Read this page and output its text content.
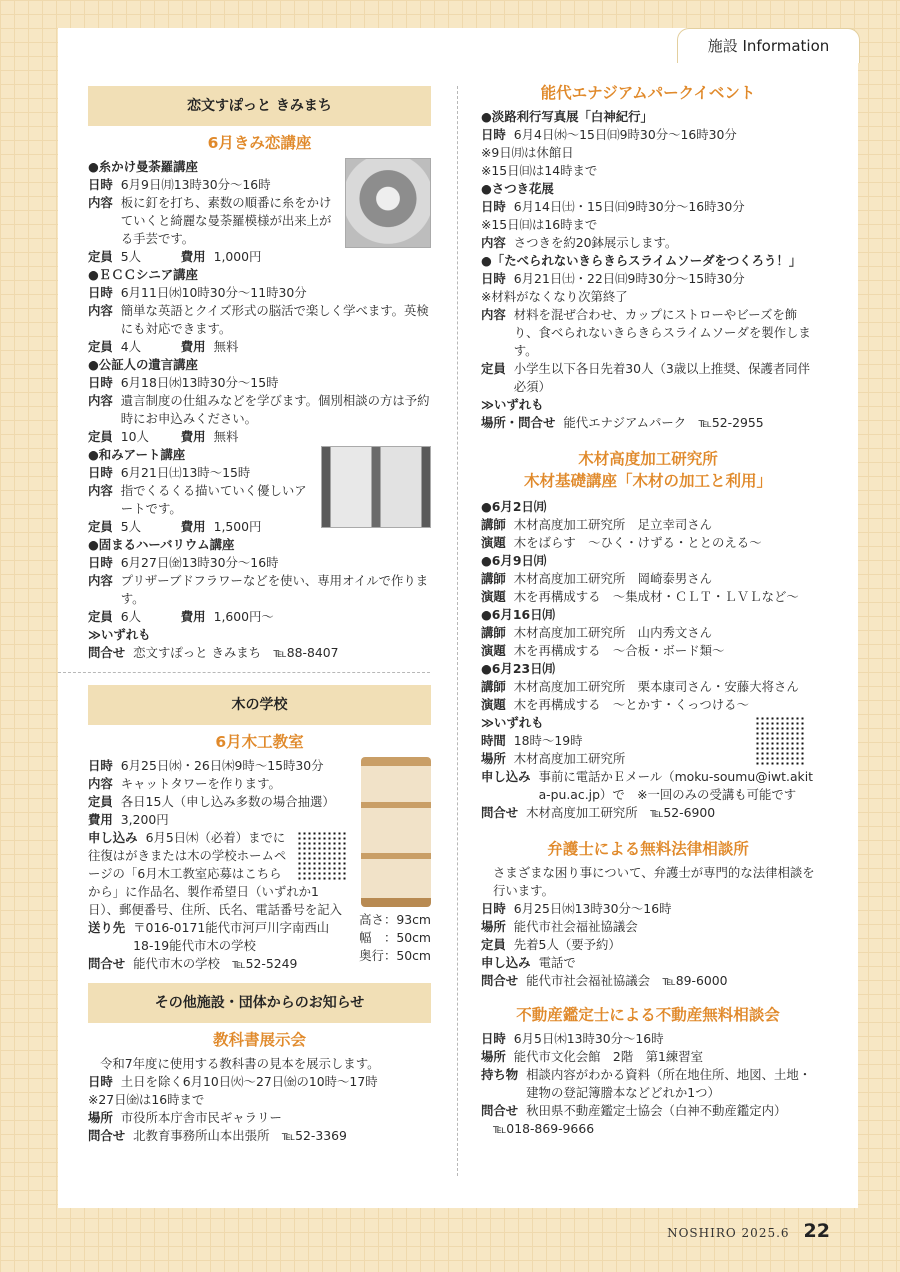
施設 Information
恋文すぽっと きみまち
6月きみ恋講座
●糸かけ曼荼羅講座
日時 6月9日㈪13時30分～16時
内容 板に釘を打ち、素数の順番に糸をかけていくと綺麗な曼荼羅模様が出来上がる手芸です。
定員 5人	費用 1,000円
●ＥＣＣシニア講座
日時 6月11日㈬10時30分～11時30分
内容 簡単な英語とクイズ形式の脳活で楽しく学べます。英検にも対応できます。
定員 4人	費用 無料
●公証人の遺言講座
日時 6月18日㈬13時30分～15時
内容 遺言制度の仕組みなどを学びます。個別相談の方は予約時にお申込みください。
定員 10人	費用 無料
●和みアート講座
日時 6月21日㈯13時～15時
内容 指でくるくる描いていく優しいアートです。
定員 5人	費用 1,500円
●固まるハーバリウム講座
日時 6月27日㈮13時30分～16時
内容 プリザーブドフラワーなどを使い、専用オイルで作ります。
定員 6人	費用 1,600円～
≫いずれも
問合せ 恋文すぽっと きみまち　℡88-8407
木の学校
6月木工教室
高さ：93cm
幅　：50cm
奥行：50cm
日時 6月25日㈬・26日㈭9時～15時30分
内容 キャットタワーを作ります。
定員 各日15人（申し込み多数の場合抽選）
費用 3,200円
申し込み 6月5日㈭（必着）までに往復はがきまたは木の学校ホームページの「6月木工教室応募はこちらから」に作品名、製作希望日（いずれか1日）、郵便番号、住所、氏名、電話番号を記入
送り先 〒016-0171能代市河戸川字南西山18-19能代市木の学校
問合せ 能代市木の学校　℡52-5249
その他施設・団体からのお知らせ
教科書展示会
令和7年度に使用する教科書の見本を展示します。
日時 土日を除く6月10日㈫～27日㈮の10時～17時
※27日㈮は16時まで
場所 市役所本庁舎市民ギャラリー
問合せ 北教育事務所山本出張所　℡52-3369
能代エナジアムパークイベント
●淡路利行写真展「白神紀行」
日時 6月4日㈬～15日㈰9時30分～16時30分
※9日㈪は休館日
※15日㈰は14時まで
●さつき花展
日時 6月14日㈯・15日㈰9時30分～16時30分
※15日㈰は16時まで
内容 さつきを約20鉢展示します。
●「たべられないきらきらスライムソーダをつくろう！」
日時 6月21日㈯・22日㈰9時30分～15時30分
※材料がなくなり次第終了
内容 材料を混ぜ合わせ、カップにストローやビーズを飾り、食べられないきらきらスライムソーダを製作します。
定員 小学生以下各日先着30人（3歳以上推奨、保護者同伴必須）
≫いずれも
場所・問合せ 能代エナジアムパーク　℡52-2955
木材高度加工研究所
木材基礎講座「木材の加工と利用」
●6月2日㈪
講師 木材高度加工研究所　足立幸司さん
演題 木をばらす　～ひく・けずる・ととのえる～
●6月9日㈪
講師 木材高度加工研究所　岡崎泰男さん
演題 木を再構成する　～集成材・ＣＬＴ・ＬＶＬなど～
●6月16日㈪
講師 木材高度加工研究所　山内秀文さん
演題 木を再構成する　～合板・ボード類～
●6月23日㈪
講師 木材高度加工研究所　栗本康司さん・安藤大将さん
演題 木を再構成する　～とかす・くっつける～
≫いずれも
時間 18時～19時
場所 木材高度加工研究所
申し込み 事前に電話かＥメール（moku-soumu@iwt.akita-pu.ac.jp）で　※一回のみの受講も可能です
問合せ 木材高度加工研究所　℡52-6900
弁護士による無料法律相談所
さまざまな困り事について、弁護士が専門的な法律相談を行います。
日時 6月25日㈬13時30分～16時
場所 能代市社会福祉協議会
定員 先着5人（要予約）
申し込み 電話で
問合せ 能代市社会福祉協議会　℡89-6000
不動産鑑定士による不動産無料相談会
日時 6月5日㈭13時30分～16時
場所 能代市文化会館　2階　第1練習室
持ち物 相談内容がわかる資料（所在地住所、地図、土地・建物の登記簿謄本などどれか1つ）
問合せ 秋田県不動産鑑定士協会（白神不動産鑑定内）
℡018-869-9666
NOSHIRO 2025.6 22
